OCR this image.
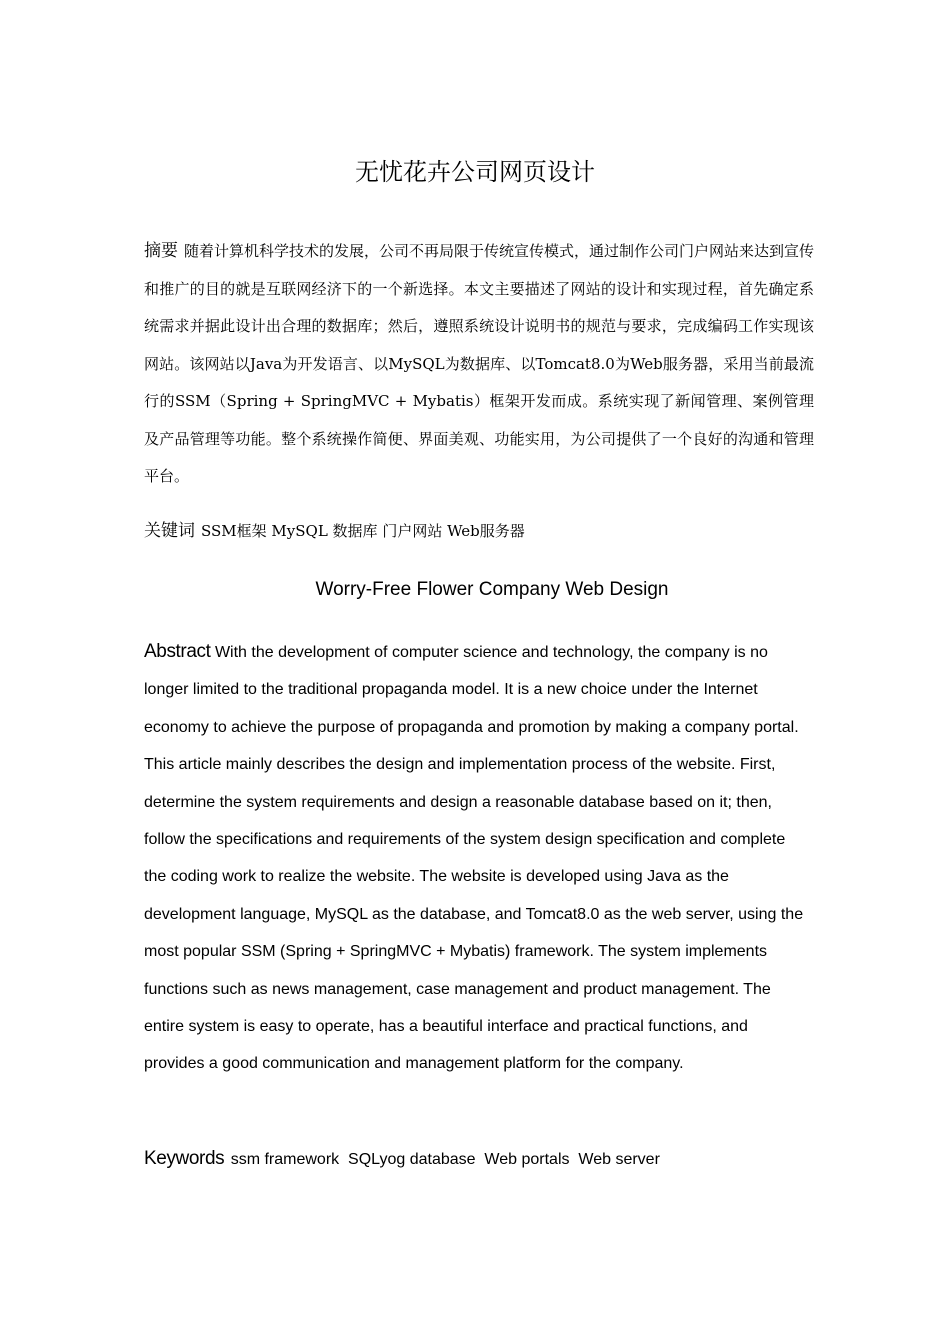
无忧花卉公司网页设计

摘要 随着计算机科学技术的发展，公司不再局限于传统宣传模式，通过制作公司门户网站来达到宣传和推广的目的就是互联网经济下的一个新选择。本文主要描述了网站的设计和实现过程，首先确定系统需求并据此设计出合理的数据库；然后，遵照系统设计说明书的规范与要求，完成编码工作实现该网站。该网站以Java为开发语言、以MySQL为数据库、以Tomcat8.0为Web服务器，采用当前最流行的SSM（Spring + SpringMVC + Mybatis）框架开发而成。系统实现了新闻管理、案例管理及产品管理等功能。整个系统操作简便、界面美观、功能实用，为公司提供了一个良好的沟通和管理平台。

关键词 SSM框架 MySQL 数据库 门户网站 Web服务器

Worry-Free Flower Company Web Design

Abstract With the development of computer science and technology, the company is no longer limited to the traditional propaganda model. It is a new choice under the Internet economy to achieve the purpose of propaganda and promotion by making a company portal. This article mainly describes the design and implementation process of the website. First, determine the system requirements and design a reasonable database based on it; then, follow the specifications and requirements of the system design specification and complete the coding work to realize the website. The website is developed using Java as the development language, MySQL as the database, and Tomcat8.0 as the web server, using the most popular SSM (Spring + SpringMVC + Mybatis) framework. The system implements functions such as news management, case management and product management. The entire system is easy to operate, has a beautiful interface and practical functions, and provides a good communication and management platform for the company.

Keywords ssm framework  SQLyog database  Web portals  Web server
